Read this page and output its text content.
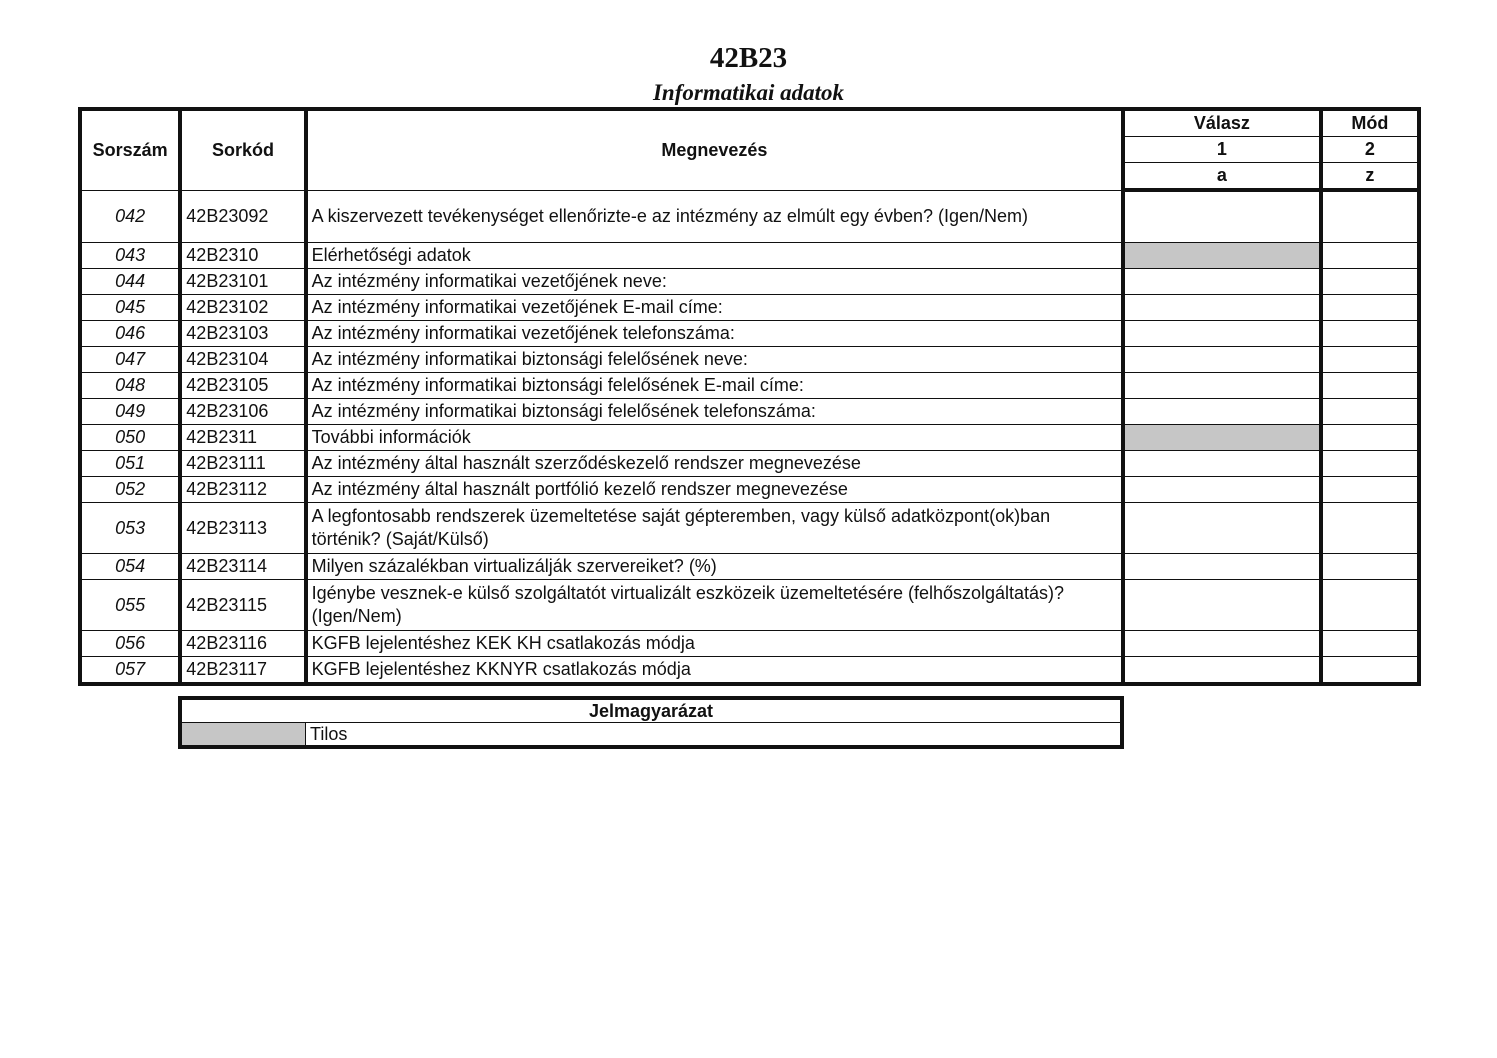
42B23
Informatikai adatok
Sorszám	Sorkód	Megnevezés	Válasz	Mód
			1	2
			a	z
042	42B23092	A kiszervezett tevékenységet ellenőrizte-e az intézmény az elmúlt egy évben? (Igen/Nem)		
043	42B2310	Elérhetőségi adatok		
044	42B23101	Az intézmény informatikai vezetőjének neve:		
045	42B23102	Az intézmény informatikai vezetőjének E-mail címe:		
046	42B23103	Az intézmény informatikai vezetőjének telefonszáma:		
047	42B23104	Az intézmény informatikai biztonsági felelősének neve:		
048	42B23105	Az intézmény informatikai biztonsági felelősének E-mail címe:		
049	42B23106	Az intézmény informatikai biztonsági felelősének telefonszáma:		
050	42B2311	További információk		
051	42B23111	Az intézmény által használt szerződéskezelő rendszer megnevezése		
052	42B23112	Az intézmény által használt portfólió kezelő rendszer megnevezése		
053	42B23113	A legfontosabb rendszerek üzemeltetése saját gépteremben, vagy külső adatközpont(ok)ban történik? (Saját/Külső)		
054	42B23114	Milyen százalékban virtualizálják szervereiket? (%)		
055	42B23115	Igénybe vesznek-e külső szolgáltatót virtualizált eszközeik üzemeltetésére (felhőszolgáltatás)? (Igen/Nem)		
056	42B23116	KGFB lejelentéshez KEK KH csatlakozás módja		
057	42B23117	KGFB lejelentéshez KKNYR csatlakozás módja		
Jelmagyarázat
	Tilos
